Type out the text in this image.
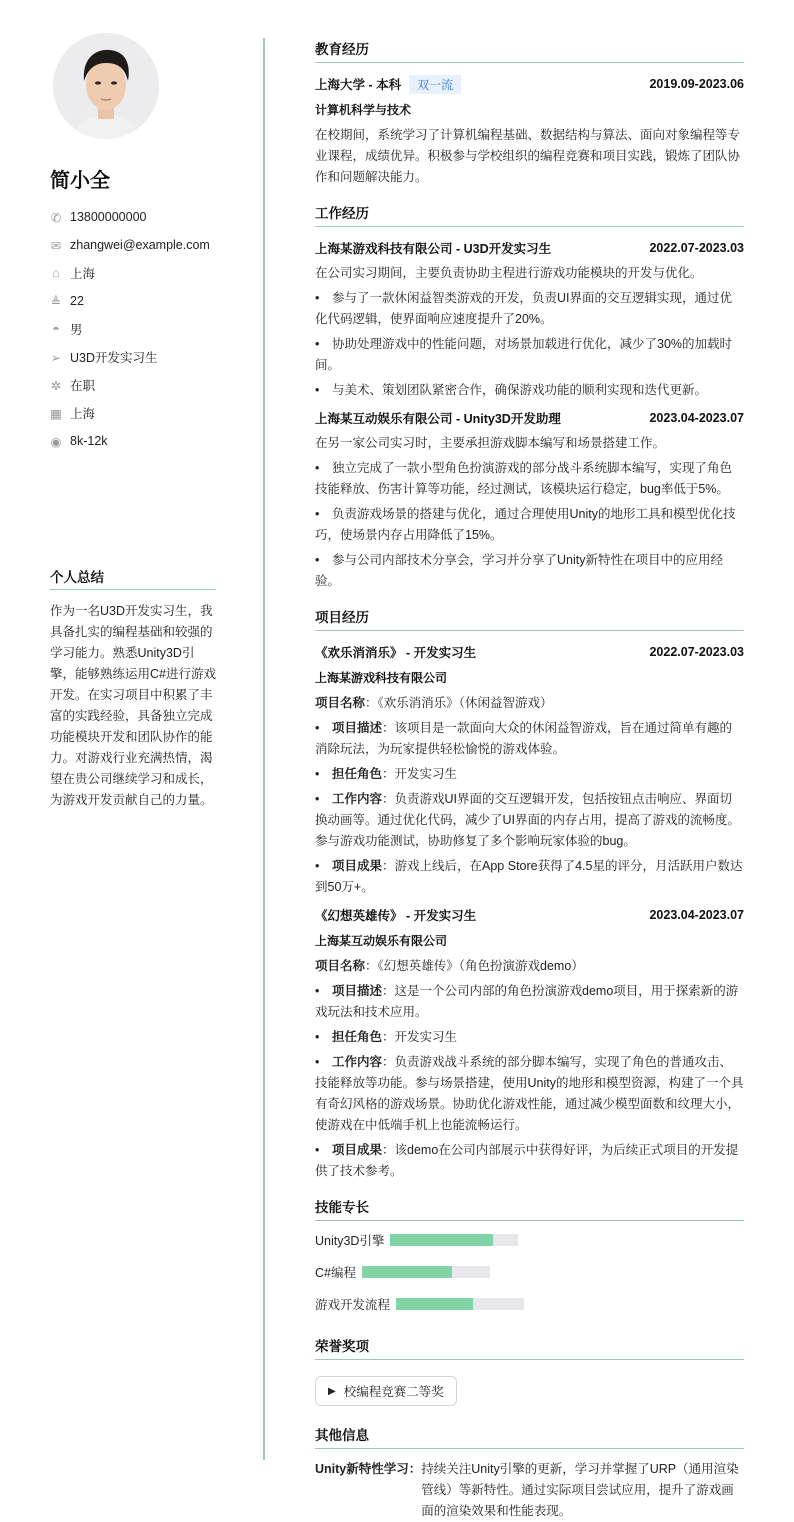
简小全
✆ 13800000000
✉ zhangwei@example.com
⌂ 上海
≜ 22
◓ 男
➢ U3D开发实习生
✲ 在职
▦ 上海
◉ 8k-12k
个人总结
作为一名U3D开发实习生，我具备扎实的编程基础和较强的学习能力。熟悉Unity3D引擎，能够熟练运用C#进行游戏开发。在实习项目中积累了丰富的实践经验，具备独立完成功能模块开发和团队协作的能力。对游戏行业充满热情，渴望在贵公司继续学习和成长，为游戏开发贡献自己的力量。
教育经历
上海大学 - 本科 双一流	2019.09-2023.06
计算机科学与技术

在校期间，系统学习了计算机编程基础、数据结构与算法、面向对象编程等专业课程，成绩优异。积极参与学校组织的编程竞赛和项目实践，锻炼了团队协作和问题解决能力。

工作经历
上海某游戏科技有限公司 - U3D开发实习生	2022.07-2023.03

在公司实习期间，主要负责协助主程进行游戏功能模块的开发与优化。

• 参与了一款休闲益智类游戏的开发，负责UI界面的交互逻辑实现，通过优化代码逻辑，使界面响应速度提升了20%。
• 协助处理游戏中的性能问题，对场景加载进行优化，减少了30%的加载时间。
• 与美术、策划团队紧密合作，确保游戏功能的顺利实现和迭代更新。
上海某互动娱乐有限公司 - Unity3D开发助理	2023.04-2023.07

在另一家公司实习时，主要承担游戏脚本编写和场景搭建工作。

• 独立完成了一款小型角色扮演游戏的部分战斗系统脚本编写，实现了角色技能释放、伤害计算等功能，经过测试，该模块运行稳定，bug率低于5%。
• 负责游戏场景的搭建与优化，通过合理使用Unity的地形工具和模型优化技巧，使场景内存占用降低了15%。
• 参与公司内部技术分享会，学习并分享了Unity新特性在项目中的应用经验。
项目经历
《欢乐消消乐》 - 开发实习生	2022.07-2023.03
上海某游戏科技有限公司

项目名称：《欢乐消消乐》（休闲益智游戏）

• 项目描述：该项目是一款面向大众的休闲益智游戏，旨在通过简单有趣的消除玩法，为玩家提供轻松愉悦的游戏体验。
• 担任角色：开发实习生
• 工作内容：负责游戏UI界面的交互逻辑开发，包括按钮点击响应、界面切换动画等。通过优化代码，减少了UI界面的内存占用，提高了游戏的流畅度。参与游戏功能测试，协助修复了多个影响玩家体验的bug。
• 项目成果：游戏上线后，在App Store获得了4.5星的评分，月活跃用户数达到50万+。
《幻想英雄传》 - 开发实习生	2023.04-2023.07
上海某互动娱乐有限公司

项目名称：《幻想英雄传》（角色扮演游戏demo）

• 项目描述：这是一个公司内部的角色扮演游戏demo项目，用于探索新的游戏玩法和技术应用。
• 担任角色：开发实习生
• 工作内容：负责游戏战斗系统的部分脚本编写，实现了角色的普通攻击、技能释放等功能。参与场景搭建，使用Unity的地形和模型资源，构建了一个具有奇幻风格的游戏场景。协助优化游戏性能，通过减少模型面数和纹理大小，使游戏在中低端手机上也能流畅运行。
• 项目成果：该demo在公司内部展示中获得好评，为后续正式项目的开发提供了技术参考。
技能专长
Unity3D引擎
C#编程
游戏开发流程
荣誉奖项
▶ 校编程竞赛二等奖
其他信息
Unity新特性学习： 持续关注Unity引擎的更新，学习并掌握了URP（通用渲染管线）等新特性。通过实际项目尝试应用，提升了游戏画面的渲染效果和性能表现。
